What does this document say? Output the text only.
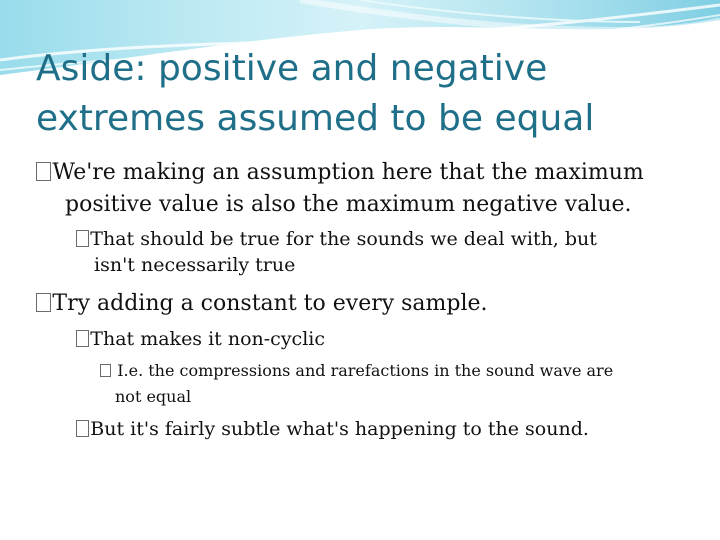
Aside: positive and negative
extremes assumed to be equal
We're making an assumption here that the maximum
positive value is also the maximum negative value.
That should be true for the sounds we deal with, but
isn't necessarily true
Try adding a constant to every sample.
That makes it non-cyclic
I.e. the compressions and rarefactions in the sound wave are
not equal
But it's fairly subtle what's happening to the sound.
